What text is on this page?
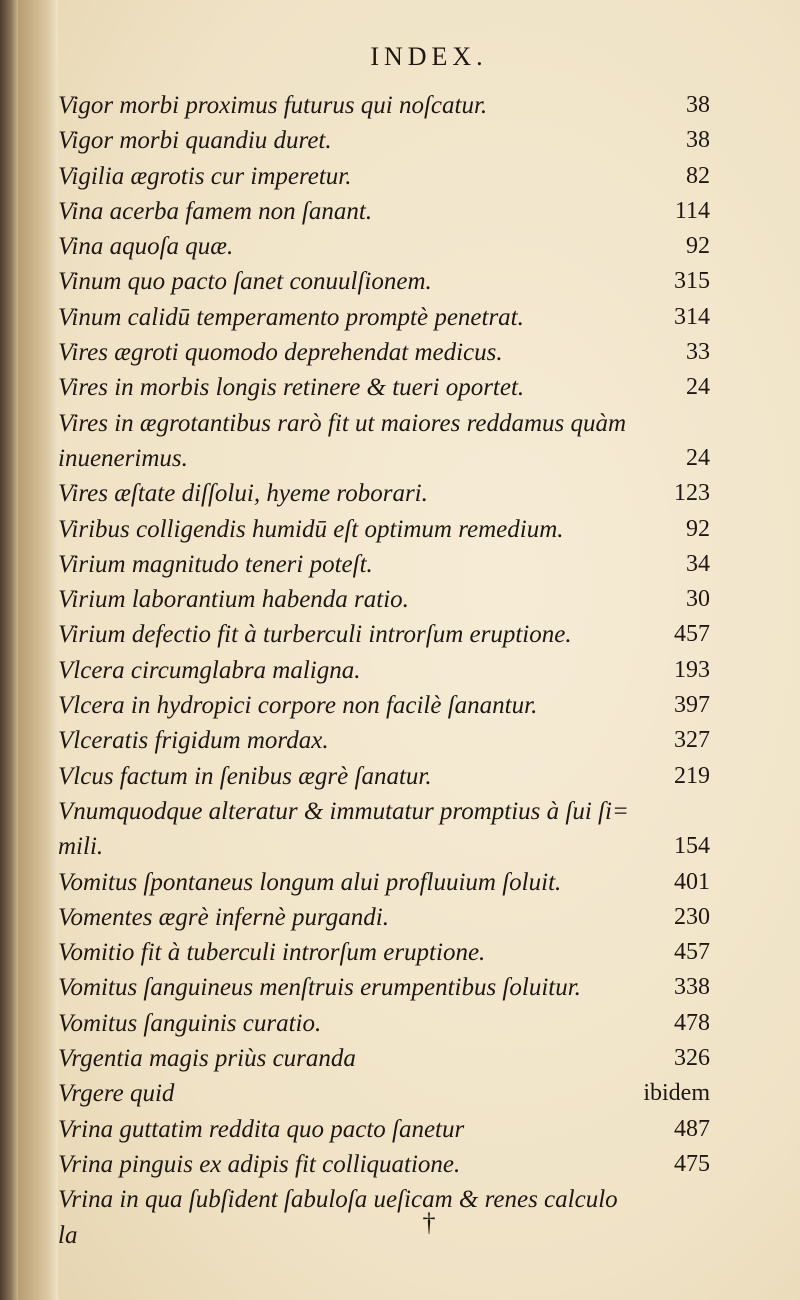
INDEX.
Vigor morbi proximus futurus qui noſcatur.	38
Vigor morbi quandiu duret.	38
Vigilia ægrotis cur imperetur.	82
Vina acerba famem non ſanant.	114
Vina aquoſa quæ.	92
Vinum quo pacto ſanet conuulſionem.	315
Vinum calidū temperamento promptè penetrat.	314
Vires ægroti quomodo deprehendat medicus.	33
Vires in morbis longis retinere & tueri oportet.	24
Vires in ægrotantibus rarò fit ut maiores reddamus quàm inuenerimus.	24
Vires æſtate diſſolui, hyeme roborari.	123
Viribus colligendis humidū eſt optimum remedium.	92
Virium magnitudo teneri poteſt.	34
Virium laborantium habenda ratio.	30
Virium defectio fit à turberculi introrſum eruptione.	457
Vlcera circumglabra maligna.	193
Vlcera in hydropici corpore non facilè ſanantur.	397
Vlceratis frigidum mordax.	327
Vlcus factum in ſenibus ægrè ſanatur.	219
Vnumquodque alteratur & immutatur promptius à ſui ſi= mili.	154
Vomitus ſpontaneus longum alui profluuium ſoluit.	401
Vomentes ægrè infernè purgandi.	230
Vomitio fit à tuberculi introrſum eruptione.	457
Vomitus ſanguineus menſtruis erumpentibus ſoluitur.	338
Vomitus ſanguinis curatio.	478
Vrgentia magis priùs curanda	326
Vrgere quid	ibidem
Vrina guttatim reddita quo pacto ſanetur	487
Vrina pinguis ex adipis fit colliquatione.	475
Vrina in qua ſubſident ſabuloſa ueſicam & renes calculo la	†
